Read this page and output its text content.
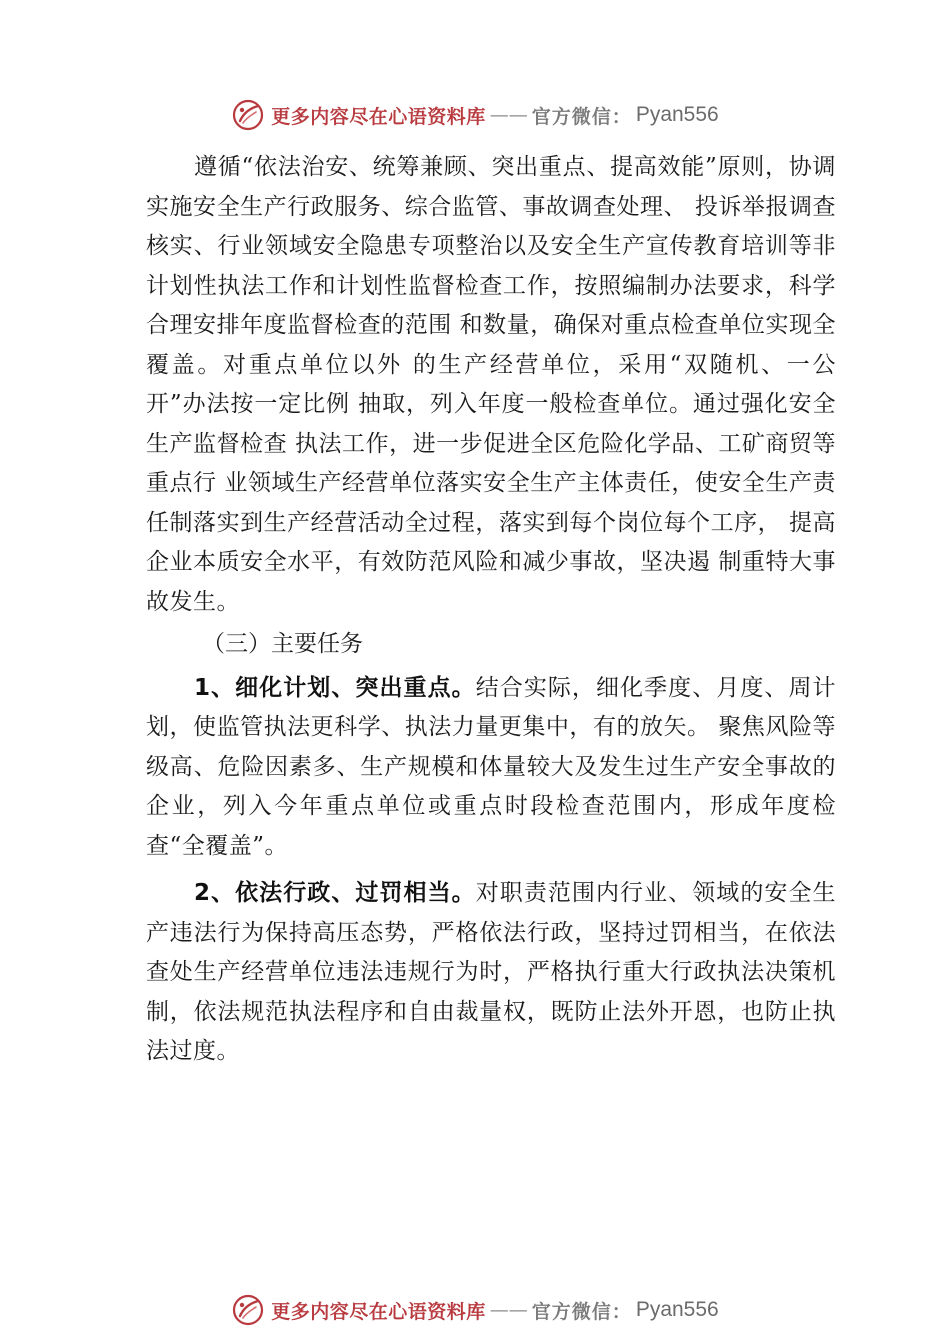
更多内容尽在心语资料库 —— 官方微信： Pyan556

遵循“依法治安、统筹兼顾、突出重点、提高效能”原则，协调实施安全生产行政服务、综合监管、事故调查处理、 投诉举报调查核实、行业领域安全隐患专项整治以及安全生产宣传教育培训等非计划性执法工作和计划性监督检查工作，按照编制办法要求，科学合理安排年度监督检查的范围 和数量，确保对重点检查单位实现全覆盖。对重点单位以外 的生产经营单位，采用“双随机、一公开”办法按一定比例 抽取，列入年度一般检查单位。通过强化安全生产监督检查 执法工作，进一步促进全区危险化学品、工矿商贸等重点行 业领域生产经营单位落实安全生产主体责任，使安全生产责 任制落实到生产经营活动全过程，落实到每个岗位每个工序， 提高企业本质安全水平，有效防范风险和减少事故，坚决遏 制重特大事故发生。

（三）主要任务

1、细化计划、突出重点。结合实际，细化季度、月度、周计划，使监管执法更科学、执法力量更集中，有的放矢。 聚焦风险等级高、危险因素多、生产规模和体量较大及发生过生产安全事故的企业，列入今年重点单位或重点时段检查范围内，形成年度检查“全覆盖”。

2、依法行政、过罚相当。对职责范围内行业、领域的安全生产违法行为保持高压态势，严格依法行政，坚持过罚相当，在依法查处生产经营单位违法违规行为时，严格执行重大行政执法决策机制，依法规范执法程序和自由裁量权，既防止法外开恩，也防止执法过度。

更多内容尽在心语资料库 —— 官方微信： Pyan556
